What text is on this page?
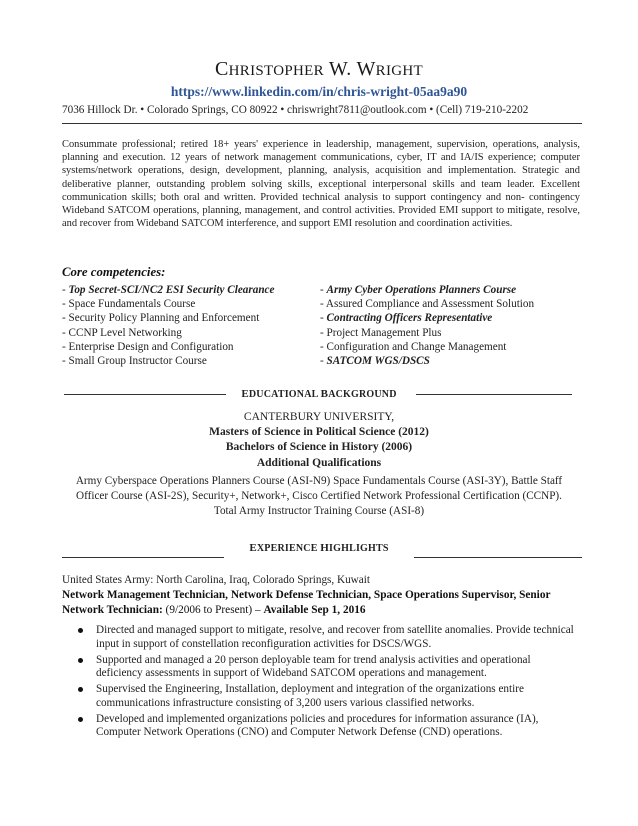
CHRISTOPHER W. WRIGHT
https://www.linkedin.com/in/chris-wright-05aa9a90
7036 Hillock Dr. • Colorado Springs, CO 80922 • chriswright7811@outlook.com • (Cell) 719-210-2202
Consummate professional; retired 18+ years' experience in leadership, management, supervision, operations, analysis, planning and execution. 12 years of network management communications, cyber, IT and IA/IS experience; computer systems/network operations, design, development, planning, analysis, acquisition and implementation. Strategic and deliberative planner, outstanding problem solving skills, exceptional interpersonal skills and team leader. Excellent communication skills; both oral and written. Provided technical analysis to support contingency and non- contingency Wideband SATCOM operations, planning, management, and control activities. Provided EMI support to mitigate, resolve, and recover from Wideband SATCOM interference, and support EMI resolution and coordination activities.
Core competencies:
- Top Secret-SCI/NC2 ESI Security Clearance
- Space Fundamentals Course
- Security Policy Planning and Enforcement
- CCNP Level Networking
- Enterprise Design and Configuration
- Small Group Instructor Course
- Army Cyber Operations Planners Course
- Assured Compliance and Assessment Solution
- Contracting Officers Representative
- Project Management Plus
- Configuration and Change Management
- SATCOM WGS/DSCS
EDUCATIONAL BACKGROUND
CANTERBURY UNIVERSITY,
Masters of Science in Political Science (2012)
Bachelors of Science in History (2006)
Additional Qualifications
Army Cyberspace Operations Planners Course (ASI-N9) Space Fundamentals Course (ASI-3Y), Battle Staff Officer Course (ASI-2S), Security+, Network+, Cisco Certified Network Professional Certification (CCNP). Total Army Instructor Training Course (ASI-8)
EXPERIENCE HIGHLIGHTS
United States Army: North Carolina, Iraq, Colorado Springs, Kuwait
Network Management Technician, Network Defense Technician, Space Operations Supervisor, Senior Network Technician: (9/2006 to Present) – Available Sep 1, 2016
Directed and managed support to mitigate, resolve, and recover from satellite anomalies. Provide technical input in support of constellation reconfiguration activities for DSCS/WGS.
Supported and managed a 20 person deployable team for trend analysis activities and operational deficiency assessments in support of Wideband SATCOM operations and management.
Supervised the Engineering, Installation, deployment and integration of the organizations entire communications infrastructure consisting of 3,200 users various classified networks.
Developed and implemented organizations policies and procedures for information assurance (IA), Computer Network Operations (CNO) and Computer Network Defense (CND) operations.
